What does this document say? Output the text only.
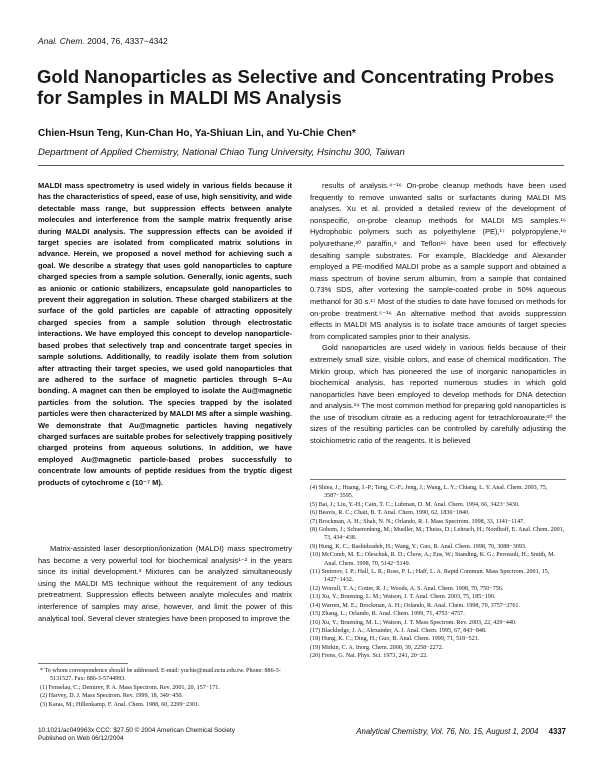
Anal. Chem. 2004, 76, 4337−4342
Gold Nanoparticles as Selective and Concentrating Probes for Samples in MALDI MS Analysis
Chien-Hsun Teng, Kun-Chan Ho, Ya-Shiuan Lin, and Yu-Chie Chen*
Department of Applied Chemistry, National Chiao Tung University, Hsinchu 300, Taiwan
MALDI mass spectrometry is used widely in various fields because it has the characteristics of speed, ease of use, high sensitivity, and wide detectable mass range, but suppression effects between analyte molecules and interference from the sample matrix frequently arise during MALDI analysis. The suppression effects can be avoided if target species are isolated from complicated matrix solutions in advance. Herein, we proposed a novel method for achieving such a goal. We describe a strategy that uses gold nanoparticles to capture charged species from a sample solution. Generally, ionic agents, such as anionic or cationic stabilizers, encapsulate gold nanoparticles to prevent their aggregation in solution. These charged stabilizers at the surface of the gold particles are capable of attracting oppositely charged species from a sample solution through electrostatic interactions. We have employed this concept to develop nanoparticle-based probes that selectively trap and concentrate target species in sample solutions. Additionally, to readily isolate them from solution after attracting their target species, we used gold nanoparticles that are adhered to the surface of magnetic particles through S−Au bonding. A magnet can then be employed to isolate the Au@magnetic particles from the solution. The species trapped by the isolated particles were then characterized by MALDI MS after a simple washing. We demonstrate that Au@magnetic particles having negatively charged surfaces are suitable probes for selectively trapping positively charged proteins from aqueous solutions. In addition, we have employed Au@magnetic particle-based probes successfully to concentrate low amounts of peptide residues from the tryptic digest products of cytochrome c (10⁻⁷ M).
Matrix-assisted laser desorption/ionization (MALDI) mass spectrometry has become a very powerful tool for biochemical analysis¹⁻² in the years since its initial development.³ Mixtures can be analyzed simultaneously using the MALDI MS technique without the requirement of any tedious pretreatment. Suppression effects between analyte molecules and matrix interference of samples may arise, however, and limit the power of this analytical tool. Several clever strategies have been proposed to improve the
* To whom correspondence should be addressed. E-mail: yuchie@mail.nctu.edu.tw. Phone: 886-3-5131527. Fax: 886-3-5744993.
(1) Fenselau, C.; Demirev, P. A. Mass Spectrom. Rev. 2001, 20, 157−171.
(2) Harvey, D. J. Mass Spectrom. Rev. 1999, 18, 349−450.
(3) Karas, M.; Hillenkamp, F. Anal. Chem. 1988, 60, 2299−2301.

results of analysis.⁴⁻¹⁶ On-probe cleanup methods have been used frequently to remove unwanted salts or surfactants during MALDI MS analyses. Xu et al. provided a detailed review of the development of nonspecific, on-probe cleanup methods for MALDI MS samples.¹⁶ Hydrophobic polymers such as polyethylene (PE),¹⁷ polypropylene,¹⁸ polyurethane,²⁰ paraffin,⁹ and Teflon¹⁶ have been used for effectively desalting sample substrates. For example, Blackledge and Alexander employed a PE-modified MALDI probe as a sample support and obtained a mass spectrum of bovine serum albumin, from a sample that contained 0.73% SDS, after vortexing the sample-coated probe in 50% aqueous methanol for 30 s.¹⁷ Most of the studies to date have focused on methods for on-probe treatment.⁵⁻¹⁶ An alternative method that avoids suppression effects in MALDI MS analysis is to isolate trace amounts of target species from complicated samples prior to their analysis.

Gold nanoparticles are used widely in various fields because of their extremely small size, visible colors, and ease of chemical modification. The Mirkin group, which has pioneered the use of inorganic nanoparticles in biochemical analysis, has reported numerous studies in which gold nanoparticles have been employed to develop methods for DNA detection and analysis.¹⁹ The most common method for preparing gold nanoparticles is the use of trisodium citrate as a reducing agent for tetrachloroaurate;²⁰ the sizes of the resulting particles can be controlled by carefully adjusting the stoichiometric ratio of the reagents. It is believed

(4) Shiea, J.; Huang, J.-P.; Teng, C.-F.; Jeng, J.; Wang, L. Y.; Chiang, L. Y. Anal. Chem. 2003, 75, 3587−3595.
(5) Bai, J.; Liu, Y.-H.; Cain, T. C.; Lubman, D. M. Anal. Chem. 1994, 66, 3423−3430.
(6) Beavis, R. C.; Chait, B. T. Anal. Chem. 1990, 62, 1836−1840.
(7) Brockman, A. H.; Shah, N. N.; Orlando, R. J. Mass Spectrom. 1998, 33, 1141−1147.
(8) Gobom, J.; Schuerenberg, M.; Mueller, M.; Theiss, D.; Lehrach, H.; Nordhoff, E. Anal. Chem. 2001, 73, 434−438.
(9) Hung, K. C.; Rashidzadeh, H.; Wang, Y.; Guo, B. Anal. Chem. 1998, 70, 3088−3093.
(10) McComb, M. E.; Oleschuk, R. D.; Chow, A.; Ens, W.; Standing, K. G.; Perreault, H.; Smith, M. Anal. Chem. 1998, 70, 5142−5149.
(11) Smirnov, I. P.; Hall, L. R.; Ross, P. L.; Haff, L. A. Rapid Commun. Mass Spectrom. 2001, 15, 1427−1432.
(12) Worrall, T. A.; Cotter, R. J.; Woods, A. S. Anal. Chem. 1998, 70, 750−756.
(13) Xu, Y.; Bruening, L. M.; Watson, J. T. Anal. Chem. 2003, 75, 185−190.
(14) Warren, M. E.; Brockman, A. H.; Orlando, R. Anal. Chem. 1998, 70, 3757−3761.
(15) Zhang, L.; Orlando, R. Anal. Chem. 1999, 71, 4753−4757.
(16) Xu, Y.; Bruening, M. L.; Watson, J. T. Mass Spectrom. Rev. 2003, 22, 429−440.
(17) Blackledge, J. A.; Alexander, A. J. Anal. Chem. 1995, 67, 843−848.
(18) Hung, K. C.; Ding, H.; Guo, B. Anal. Chem. 1999, 71, 518−521.
(19) Mirkin, C. A. Inorg. Chem. 2000, 39, 2258−2272.
(20) Frens, G. Nat. Phys. Sci. 1973, 241, 20−22.
10.1021/ac049963x CCC: $27.50 © 2004 American Chemical Society
Published on Web 06/12/2004
Analytical Chemistry, Vol. 76, No. 15, August 1, 2004 4337
